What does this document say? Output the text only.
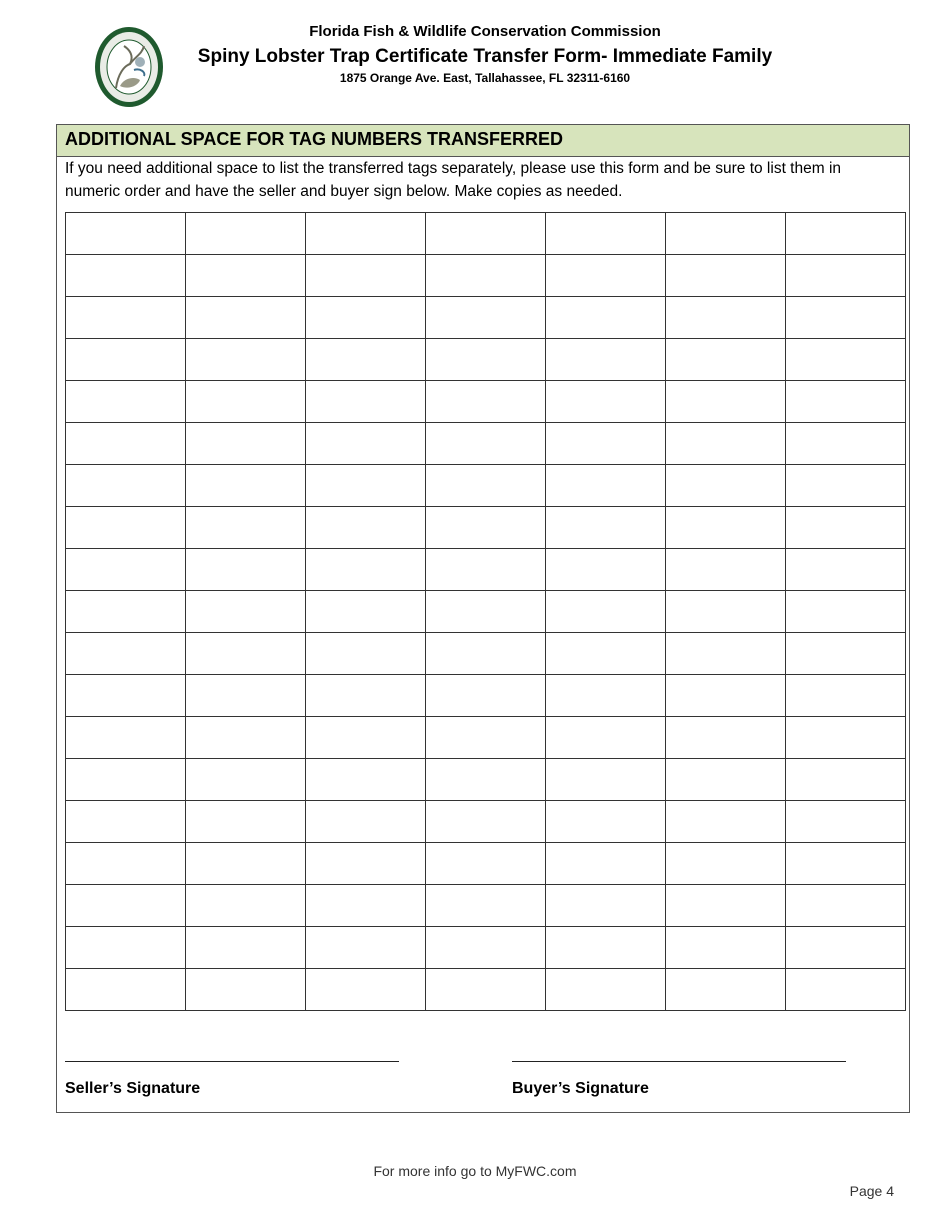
Florida Fish & Wildlife Conservation Commission
Spiny Lobster Trap Certificate Transfer Form- Immediate Family
1875 Orange Ave. East, Tallahassee, FL 32311-6160
ADDITIONAL SPACE FOR TAG NUMBERS TRANSFERRED
If you need additional space to list the transferred tags separately, please use this form and be sure to list them in numeric order and have the seller and buyer sign below. Make copies as needed.

Seller’s Signature	Buyer’s Signature
For more info go to MyFWC.com
Page 4
